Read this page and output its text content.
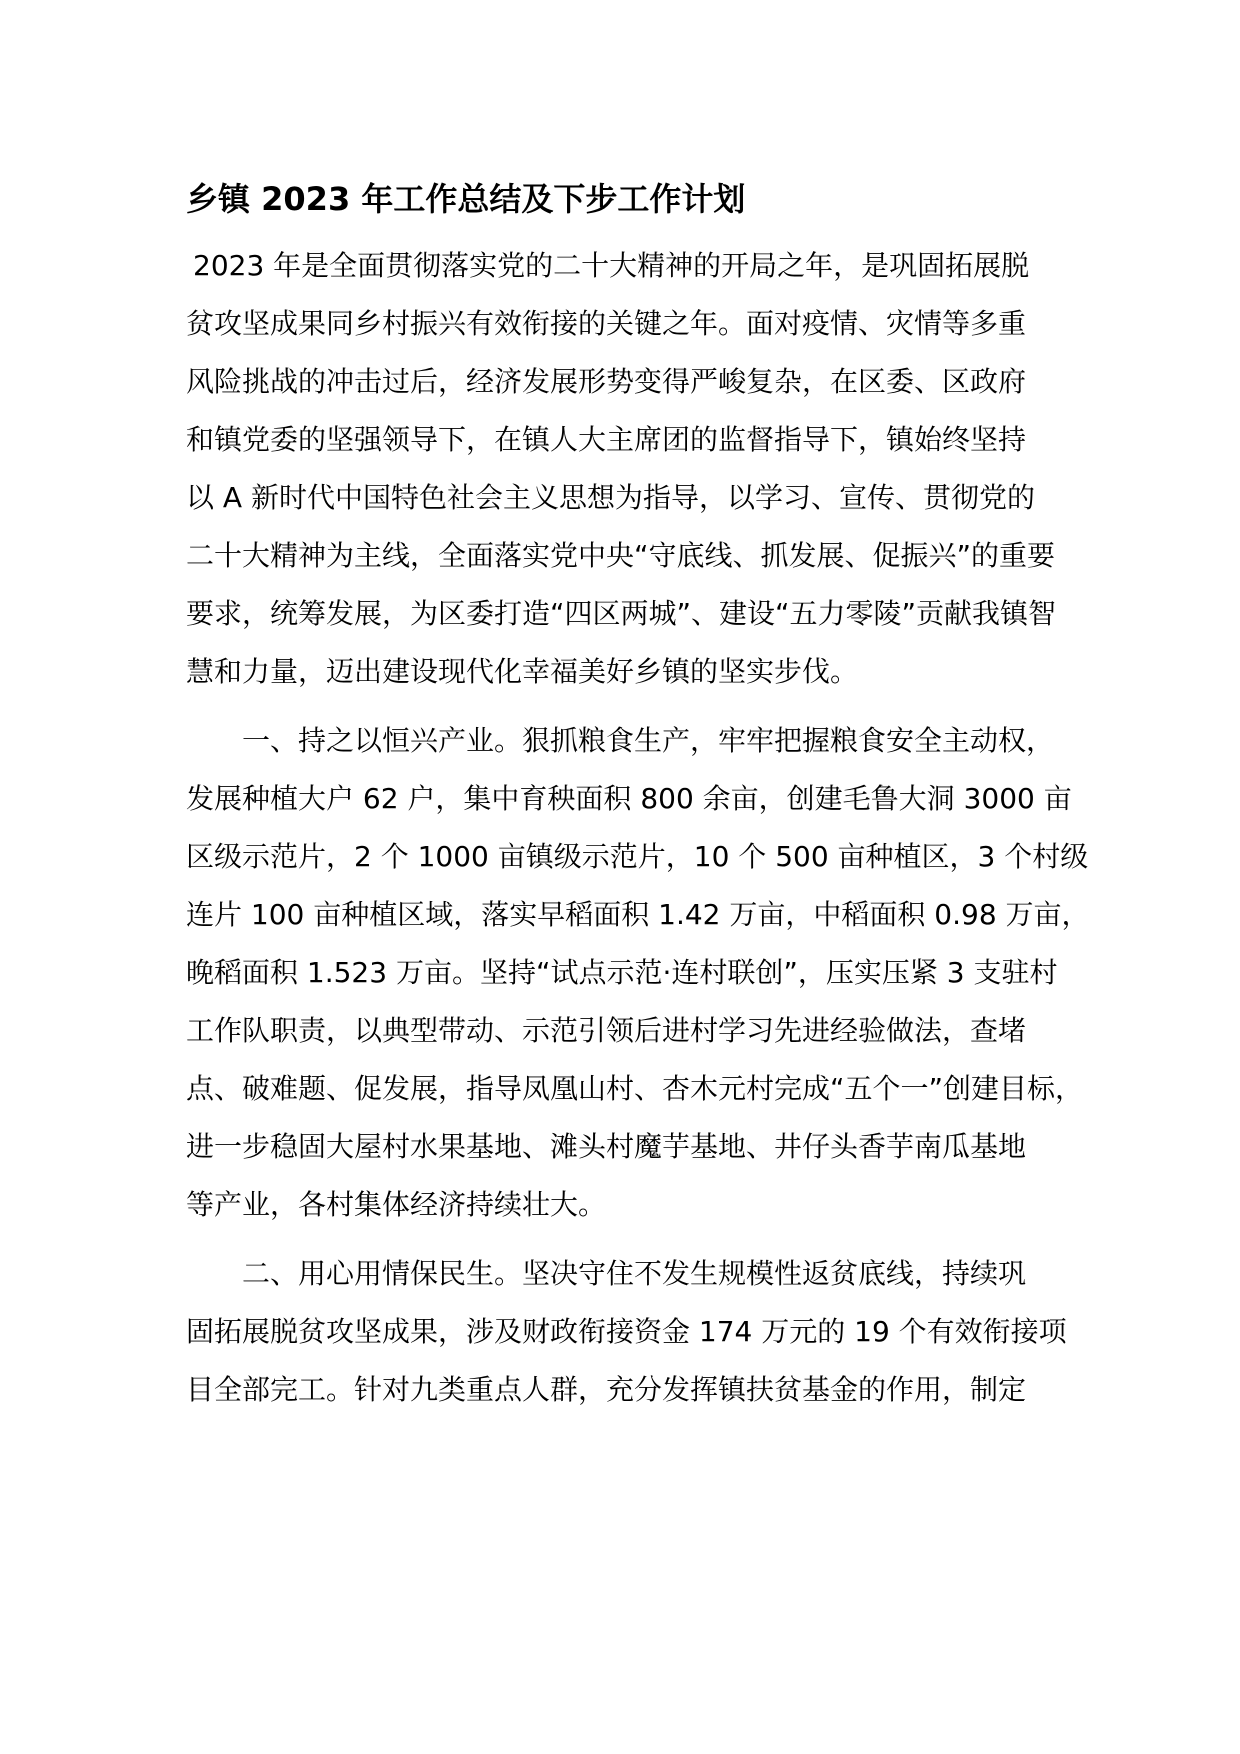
乡镇 2023 年工作总结及下步工作计划

2023 年是全面贯彻落实党的二十大精神的开局之年，是巩固拓展脱

贫攻坚成果同乡村振兴有效衔接的关键之年。面对疫情、灾情等多重

风险挑战的冲击过后，经济发展形势变得严峻复杂，在区委、区政府

和镇党委的坚强领导下，在镇人大主席团的监督指导下，镇始终坚持

以 A 新时代中国特色社会主义思想为指导，以学习、宣传、贯彻党的

二十大精神为主线，全面落实党中央“守底线、抓发展、促振兴”的重要

要求，统筹发展，为区委打造“四区两城”、建设“五力零陵”贡献我镇智

慧和力量，迈出建设现代化幸福美好乡镇的坚实步伐。

一、持之以恒兴产业。狠抓粮食生产，牢牢把握粮食安全主动权，

发展种植大户 62 户，集中育秧面积 800 余亩，创建毛鲁大洞 3000 亩

区级示范片，2 个 1000 亩镇级示范片，10 个 500 亩种植区，3 个村级

连片 100 亩种植区域，落实早稻面积 1.42 万亩，中稻面积 0.98 万亩，

晚稻面积 1.523 万亩。坚持“试点示范·连村联创”，压实压紧 3 支驻村

工作队职责，以典型带动、示范引领后进村学习先进经验做法，查堵

点、破难题、促发展，指导凤凰山村、杏木元村完成“五个一”创建目标，

进一步稳固大屋村水果基地、滩头村魔芋基地、井仔头香芋南瓜基地

等产业，各村集体经济持续壮大。

二、用心用情保民生。坚决守住不发生规模性返贫底线，持续巩

固拓展脱贫攻坚成果，涉及财政衔接资金 174 万元的 19 个有效衔接项

目全部完工。针对九类重点人群，充分发挥镇扶贫基金的作用，制定
